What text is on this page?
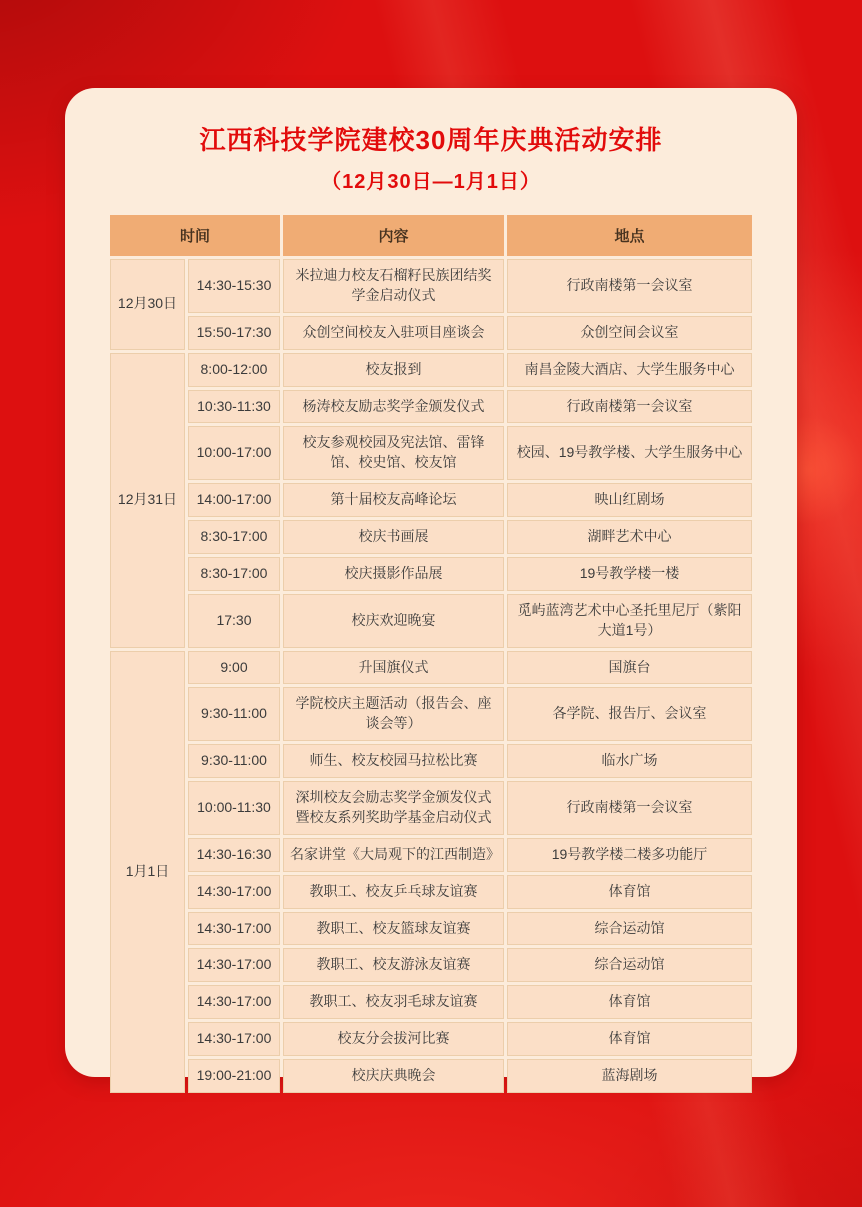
江西科技学院建校30周年庆典活动安排
（12月30日—1月1日）
时间		内容	地点
12月30日	14:30-15:30	米拉迪力校友石榴籽民族团结奖学金启动仪式	行政南楼第一会议室
	15:50-17:30	众创空间校友入驻项目座谈会	众创空间会议室
12月31日	8:00-12:00	校友报到	南昌金陵大酒店、大学生服务中心
	10:30-11:30	杨涛校友励志奖学金颁发仪式	行政南楼第一会议室
	10:00-17:00	校友参观校园及宪法馆、雷锋馆、校史馆、校友馆	校园、19号教学楼、大学生服务中心
	14:00-17:00	第十届校友高峰论坛	映山红剧场
	8:30-17:00	校庆书画展	湖畔艺术中心
	8:30-17:00	校庆摄影作品展	19号教学楼一楼
	17:30	校庆欢迎晚宴	觅屿蓝湾艺术中心圣托里尼厅（紫阳大道1号）
1月1日	9:00	升国旗仪式	国旗台
	9:30-11:00	学院校庆主题活动（报告会、座谈会等）	各学院、报告厅、会议室
	9:30-11:00	师生、校友校园马拉松比赛	临水广场
	10:00-11:30	深圳校友会励志奖学金颁发仪式暨校友系列奖助学基金启动仪式	行政南楼第一会议室
	14:30-16:30	名家讲堂《大局观下的江西制造》	19号教学楼二楼多功能厅
	14:30-17:00	教职工、校友乒乓球友谊赛	体育馆
	14:30-17:00	教职工、校友篮球友谊赛	综合运动馆
	14:30-17:00	教职工、校友游泳友谊赛	综合运动馆
	14:30-17:00	教职工、校友羽毛球友谊赛	体育馆
	14:30-17:00	校友分会拔河比赛	体育馆
	19:00-21:00	校庆庆典晚会	蓝海剧场
